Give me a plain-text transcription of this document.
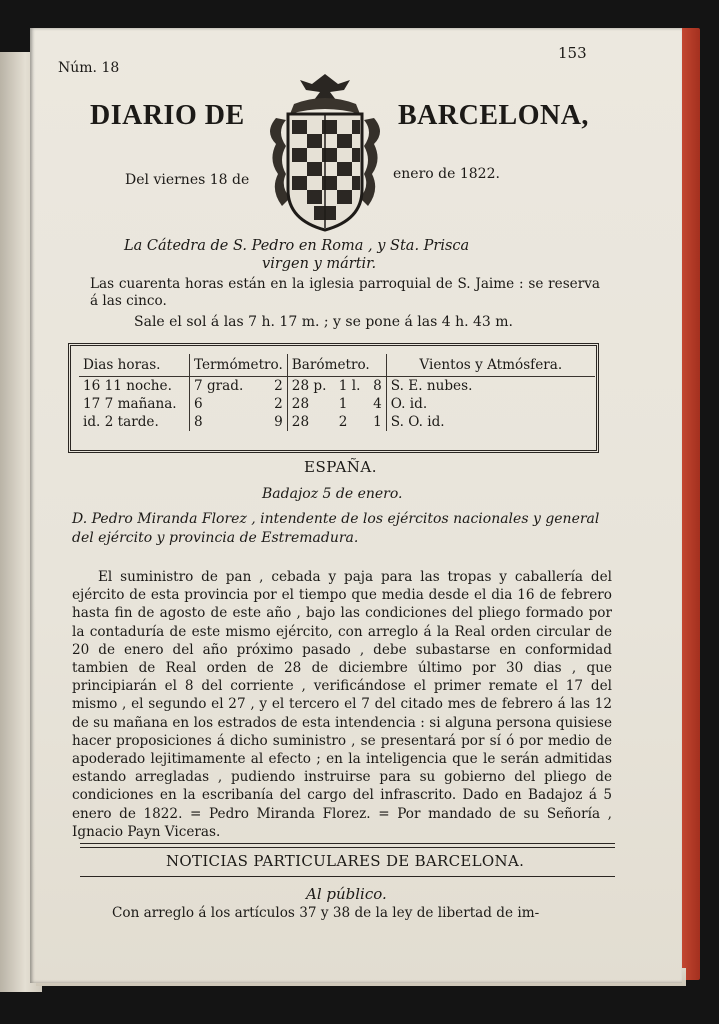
Núm. 18
153
DIARIO DE	BARCELONA,
Del viernes 18 de	enero de 1822.
La Cátedra de S. Pedro en Roma , y Sta. Prisca
virgen y mártir.
Las cuarenta horas están en la iglesia parroquial de S. Jaime : se reserva á las cinco.
Sale el sol á las 7 h. 17 m. ; y se pone á las 4 h. 43 m.
Dias horas.	Termómetro.		Barómetro.			Vientos y Atmósfera.
16 11 noche.	7 grad.	2	28 p.	1 l.	8	S. E. nubes.
17 7 mañana.	6	2	28	1	4	O. id.
id. 2 tarde.	8	9	28	2	1	S. O. id.
ESPAÑA.
Badajoz 5 de enero.
D. Pedro Miranda Florez , intendente de los ejércitos nacionales y general del ejército y provincia de Estremadura.
El suministro de pan , cebada y paja para las tropas y caballería del ejército de esta provincia por el tiempo que media desde el dia 16 de febrero hasta fin de agosto de este año , bajo las condiciones del pliego formado por la contaduría de este mismo ejército, con arreglo á la Real orden circular de 20 de enero del año próximo pasado , debe subastarse en conformidad tambien de Real orden de 28 de diciembre último por 30 dias , que principiarán el 8 del corriente , verificándose el primer remate el 17 del mismo , el segundo el 27 , y el tercero el 7 del citado mes de febrero á las 12 de su mañana en los estrados de esta intendencia : si alguna persona quisiese hacer proposiciones á dicho suministro , se presentará por sí ó por medio de apoderado lejitimamente al efecto ; en la inteligencia que le serán admitidas estando arregladas , pudiendo instruirse para su gobierno del pliego de condiciones en la escribanía del cargo del infrascrito. Dado en Badajoz á 5 enero de 1822. = Pedro Miranda Florez. = Por mandado de su Señoría , Ignacio Payn Viceras.
NOTICIAS PARTICULARES DE BARCELONA.
Al público.
Con arreglo á los artículos 37 y 38 de la ley de libertad de im-
